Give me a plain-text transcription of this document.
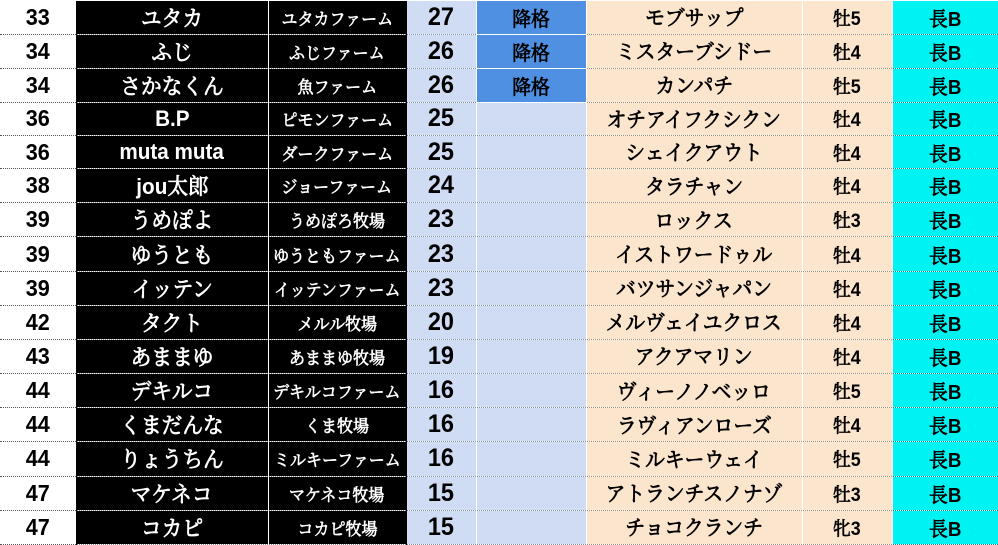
33	ユタカ	ユタカファーム	27	降格	モブサップ	牡5	長B
34	ふじ	ふじファーム	26	降格	ミスターブシドー	牡4	長B
34	さかなくん	魚ファーム	26	降格	カンパチ	牡5	長B
36	B.P	ピモンファーム	25		オチアイフクシクン	牡4	長B
36	muta muta	ダークファーム	25		シェイクアウト	牡4	長B
38	jou太郎	ジョーファーム	24		タラチャン	牡4	長B
39	うめぽよ	うめぽろ牧場	23		ロックス	牡3	長B
39	ゆうとも	ゆうともファーム	23		イストワードゥル	牡4	長B
39	イッテン	イッテンファーム	23		バツサンジャパン	牡4	長B
42	タクト	メルル牧場	20		メルヴェイユクロス	牡4	長B
43	あままゆ	あままゆ牧場	19		アクアマリン	牡4	長B
44	デキルコ	デキルコファーム	16		ヴィーノノベッロ	牡5	長B
44	くまだんな	くま牧場	16		ラヴィアンローズ	牡4	長B
44	りょうちん	ミルキーファーム	16		ミルキーウェイ	牡5	長B
47	マケネコ	マケネコ牧場	15		アトランチスノナゾ	牡3	長B
47	コカピ	コカピ牧場	15		チョコクランチ	牝3	長B
